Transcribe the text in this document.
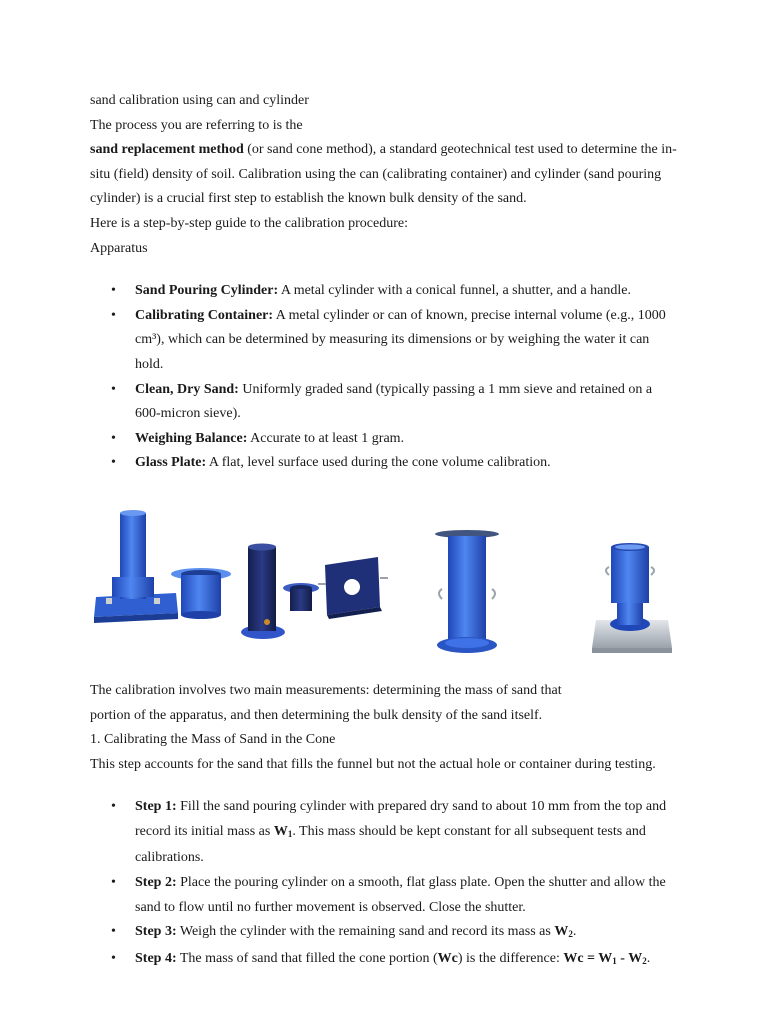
sand calibration using can and cylinder

The process you are referring to is the

sand replacement method (or sand cone method), a standard geotechnical test used to determine the in-situ (field) density of soil. Calibration using the can (calibrating container) and cylinder (sand pouring cylinder) is a crucial first step to establish the known bulk density of the sand.

Here is a step-by-step guide to the calibration procedure:

Apparatus

• Sand Pouring Cylinder: A metal cylinder with a conical funnel, a shutter, and a handle.
• Calibrating Container: A metal cylinder or can of known, precise internal volume (e.g., 1000 cm³), which can be determined by measuring its dimensions or by weighing the water it can hold.
• Clean, Dry Sand: Uniformly graded sand (typically passing a 1 mm sieve and retained on a 600-micron sieve).
• Weighing Balance: Accurate to at least 1 gram.
• Glass Plate: A flat, level surface used during the cone volume calibration.

The calibration involves two main measurements: determining the mass of sand that

portion of the apparatus, and then determining the bulk density of the sand itself.

1. Calibrating the Mass of Sand in the Cone

This step accounts for the sand that fills the funnel but not the actual hole or container during testing.

• Step 1: Fill the sand pouring cylinder with prepared dry sand to about 10 mm from the top and record its initial mass as $W_1$. This mass should be kept constant for all subsequent tests and calibrations.
• Step 2: Place the pouring cylinder on a smooth, flat glass plate. Open the shutter and allow the sand to flow until no further movement is observed. Close the shutter.
• Step 3: Weigh the cylinder with the remaining sand and record its mass as $W_2$.
• Step 4: The mass of sand that filled the cone portion (Wc) is the difference: $Wc = W_1 - W_2$.
